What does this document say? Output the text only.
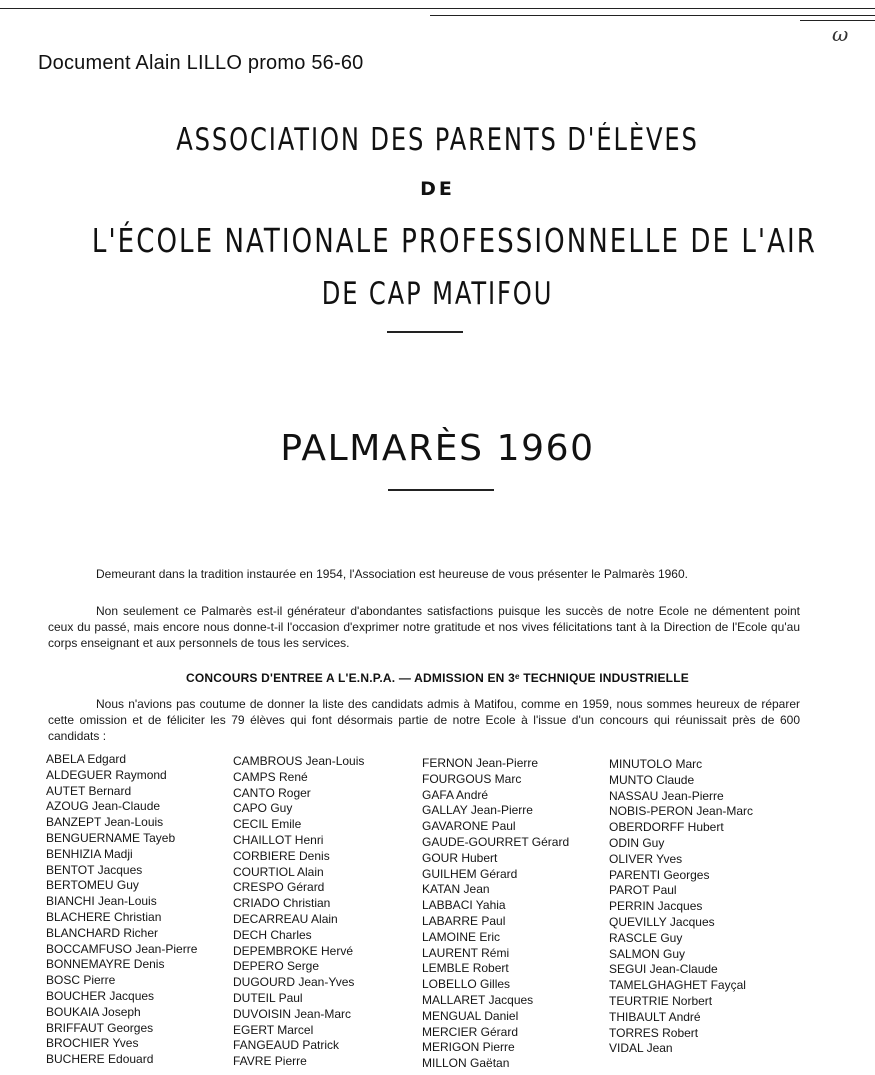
ω
Document Alain LILLO promo 56-60
ASSOCIATION DES PARENTS D'ÉLÈVES
DE
L'ÉCOLE NATIONALE PROFESSIONNELLE DE L'AIR
DE CAP MATIFOU
PALMARÈS 1960
Demeurant dans la tradition instaurée en 1954, l'Association est heureuse de vous présenter le Palmarès 1960.
Non seulement ce Palmarès est-il générateur d'abondantes satisfactions puisque les succès de notre Ecole ne démentent point ceux du passé, mais encore nous donne-t-il l'occasion d'exprimer notre gratitude et nos vives félicitations tant à la Direction de l'Ecole qu'au corps enseignant et aux personnels de tous les services.
CONCOURS D'ENTREE A L'E.N.P.A. — ADMISSION EN 3ᵉ TECHNIQUE INDUSTRIELLE
Nous n'avions pas coutume de donner la liste des candidats admis à Matifou, comme en 1959, nous sommes heureux de réparer cette omission et de féliciter les 79 élèves qui font désormais partie de notre Ecole à l'issue d'un concours qui réunissait près de 600 candidats :
ABELA Edgard
ALDEGUER Raymond
AUTET Bernard
AZOUG Jean-Claude
BANZEPT Jean-Louis
BENGUERNAME Tayeb
BENHIZIA Madji
BENTOT Jacques
BERTOMEU Guy
BIANCHI Jean-Louis
BLACHERE Christian
BLANCHARD Richer
BOCCAMFUSO Jean-Pierre
BONNEMAYRE Denis
BOSC Pierre
BOUCHER Jacques
BOUKAIA Joseph
BRIFFAUT Georges
BROCHIER Yves
BUCHERE Edouard
CAMBROUS Jean-Louis
CAMPS René
CANTO Roger
CAPO Guy
CECIL Emile
CHAILLOT Henri
CORBIERE Denis
COURTIOL Alain
CRESPO Gérard
CRIADO Christian
DECARREAU Alain
DECH Charles
DEPEMBROKE Hervé
DEPERO Serge
DUGOURD Jean-Yves
DUTEIL Paul
DUVOISIN Jean-Marc
EGERT Marcel
FANGEAUD Patrick
FAVRE Pierre
FERNON Jean-Pierre
FOURGOUS Marc
GAFA André
GALLAY Jean-Pierre
GAVARONE Paul
GAUDE-GOURRET Gérard
GOUR Hubert
GUILHEM Gérard
KATAN Jean
LABBACI Yahia
LABARRE Paul
LAMOINE Eric
LAURENT Rémi
LEMBLE Robert
LOBELLO Gilles
MALLARET Jacques
MENGUAL Daniel
MERCIER Gérard
MERIGON Pierre
MILLON Gaëtan
MINUTOLO Marc
MUNTO Claude
NASSAU Jean-Pierre
NOBIS-PERON Jean-Marc
OBERDORFF Hubert
ODIN Guy
OLIVER Yves
PARENTI Georges
PAROT Paul
PERRIN Jacques
QUEVILLY Jacques
RASCLE Guy
SALMON Guy
SEGUI Jean-Claude
TAMELGHAGHET Fayçal
TEURTRIE Norbert
THIBAULT André
TORRES Robert
VIDAL Jean
